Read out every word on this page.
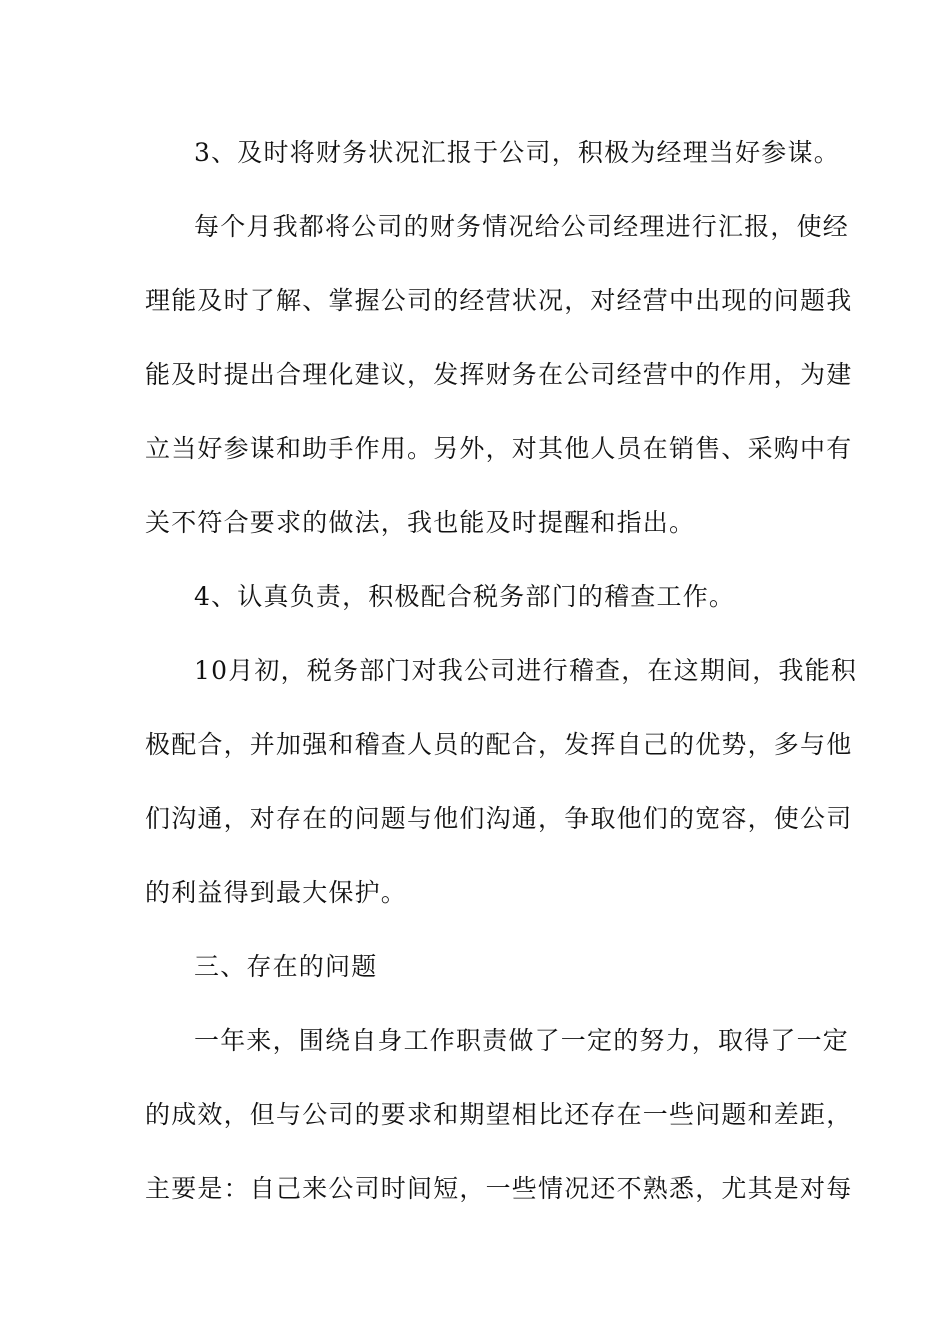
3、及时将财务状况汇报于公司，积极为经理当好参谋。
每个月我都将公司的财务情况给公司经理进行汇报，使经
理能及时了解、掌握公司的经营状况，对经营中出现的问题我
能及时提出合理化建议，发挥财务在公司经营中的作用，为建
立当好参谋和助手作用。另外，对其他人员在销售、采购中有
关不符合要求的做法，我也能及时提醒和指出。
4、认真负责，积极配合税务部门的稽查工作。
10月初，税务部门对我公司进行稽查，在这期间，我能积
极配合，并加强和稽查人员的配合，发挥自己的优势，多与他
们沟通，对存在的问题与他们沟通，争取他们的宽容，使公司
的利益得到最大保护。
三、存在的问题
一年来，围绕自身工作职责做了一定的努力，取得了一定
的成效，但与公司的要求和期望相比还存在一些问题和差距，
主要是：自己来公司时间短，一些情况还不熟悉，尤其是对每
